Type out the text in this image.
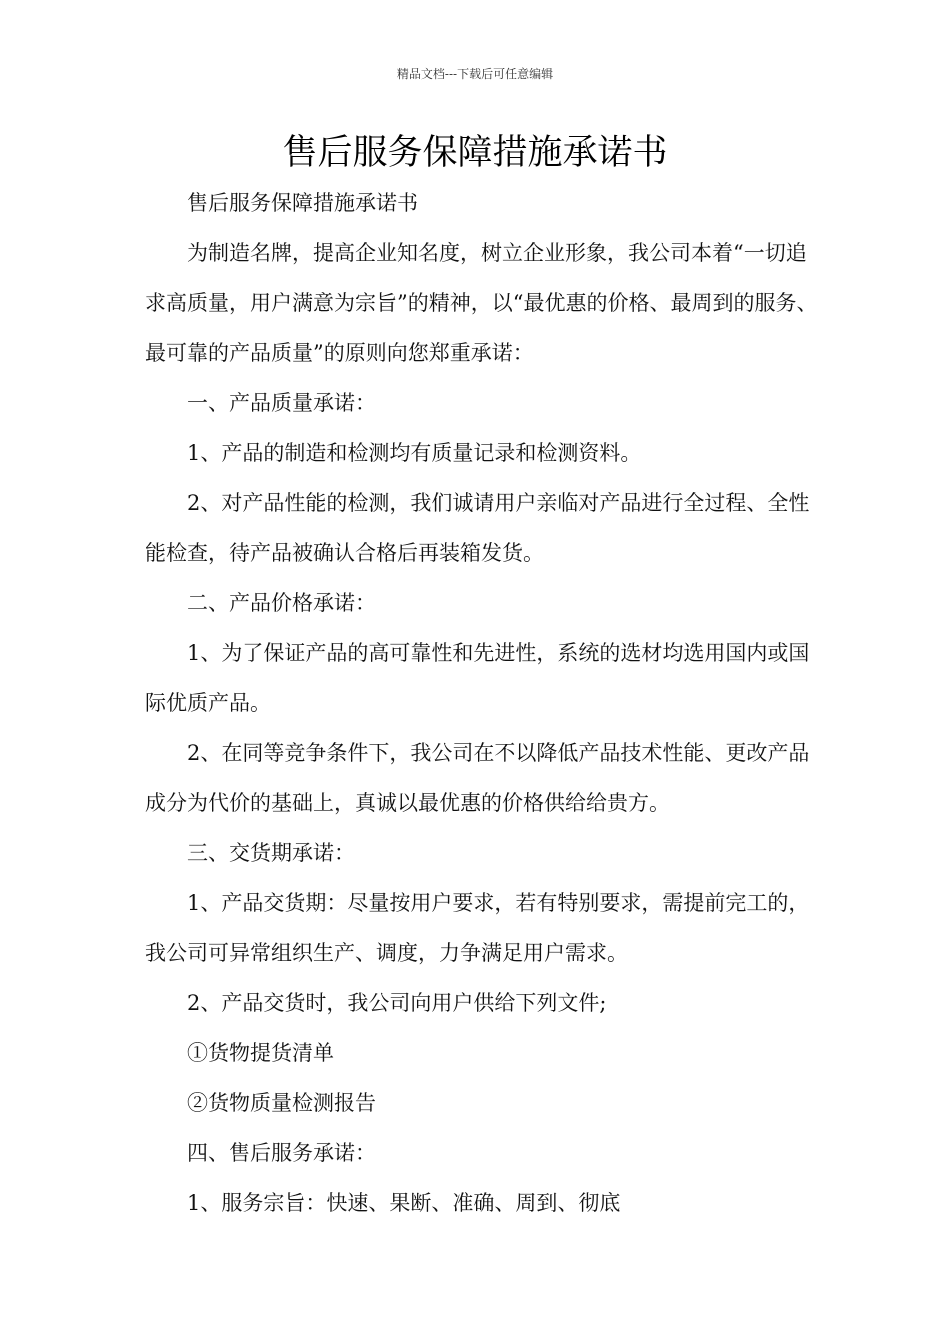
精品文档---下载后可任意编辑
售后服务保障措施承诺书

售后服务保障措施承诺书

为制造名牌，提高企业知名度，树立企业形象，我公司本着“一切追求高质量，用户满意为宗旨”的精神，以“最优惠的价格、最周到的服务、最可靠的产品质量”的原则向您郑重承诺：

一、产品质量承诺：

1、产品的制造和检测均有质量记录和检测资料。

2、对产品性能的检测，我们诚请用户亲临对产品进行全过程、全性能检查，待产品被确认合格后再装箱发货。

二、产品价格承诺：

1、为了保证产品的高可靠性和先进性，系统的选材均选用国内或国际优质产品。

2、在同等竞争条件下，我公司在不以降低产品技术性能、更改产品成分为代价的基础上，真诚以最优惠的价格供给给贵方。

三、交货期承诺：

1、产品交货期：尽量按用户要求，若有特别要求，需提前完工的，我公司可异常组织生产、调度，力争满足用户需求。

2、产品交货时，我公司向用户供给下列文件;

①货物提货清单

②货物质量检测报告

四、售后服务承诺：

1、服务宗旨：快速、果断、准确、周到、彻底
